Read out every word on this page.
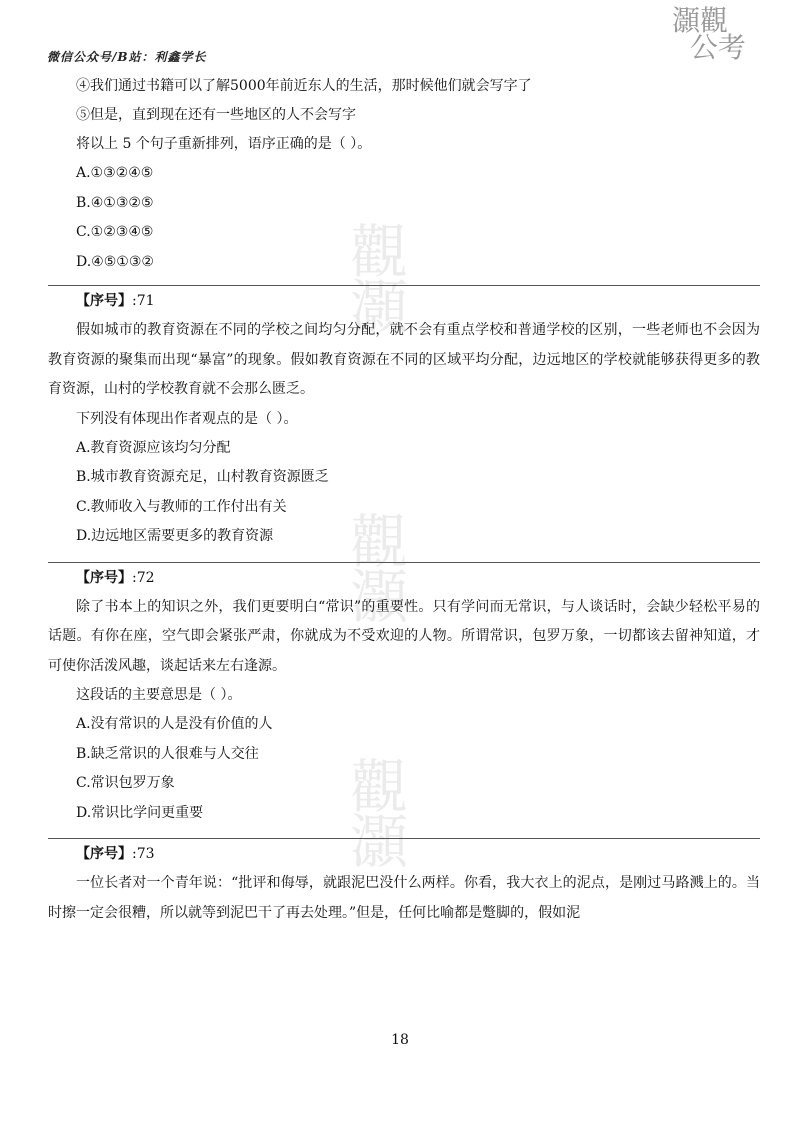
灝觀
公考
觀
灝
觀
灝
觀
灝
微信公众号/B站：利鑫学长
④我们通过书籍可以了解5000年前近东人的生活，那时候他们就会写字了
⑤但是，直到现在还有一些地区的人不会写字
将以上 5 个句子重新排列，语序正确的是（ ）。
A.①③②④⑤
B.④①③②⑤
C.①②③④⑤
D.④⑤①③②
【序号】:71

假如城市的教育资源在不同的学校之间均匀分配，就不会有重点学校和普通学校的区别，一些老师也不会因为教育资源的聚集而出现“暴富”的现象。假如教育资源在不同的区域平均分配，边远地区的学校就能够获得更多的教育资源，山村的学校教育就不会那么匮乏。

下列没有体现出作者观点的是（ ）。
A.教育资源应该均匀分配
B.城市教育资源充足，山村教育资源匮乏
C.教师收入与教师的工作付出有关
D.边远地区需要更多的教育资源
【序号】:72

除了书本上的知识之外，我们更要明白“常识”的重要性。只有学问而无常识，与人谈话时，会缺少轻松平易的话题。有你在座，空气即会紧张严肃，你就成为不受欢迎的人物。所谓常识，包罗万象，一切都该去留神知道，才可使你活泼风趣，谈起话来左右逢源。

这段话的主要意思是（ ）。
A.没有常识的人是没有价值的人
B.缺乏常识的人很难与人交往
C.常识包罗万象
D.常识比学问更重要
【序号】:73

一位长者对一个青年说：“批评和侮辱，就跟泥巴没什么两样。你看，我大衣上的泥点，是刚过马路溅上的。当时擦一定会很糟，所以就等到泥巴干了再去处理。”但是，任何比喻都是蹩脚的，假如泥

18
